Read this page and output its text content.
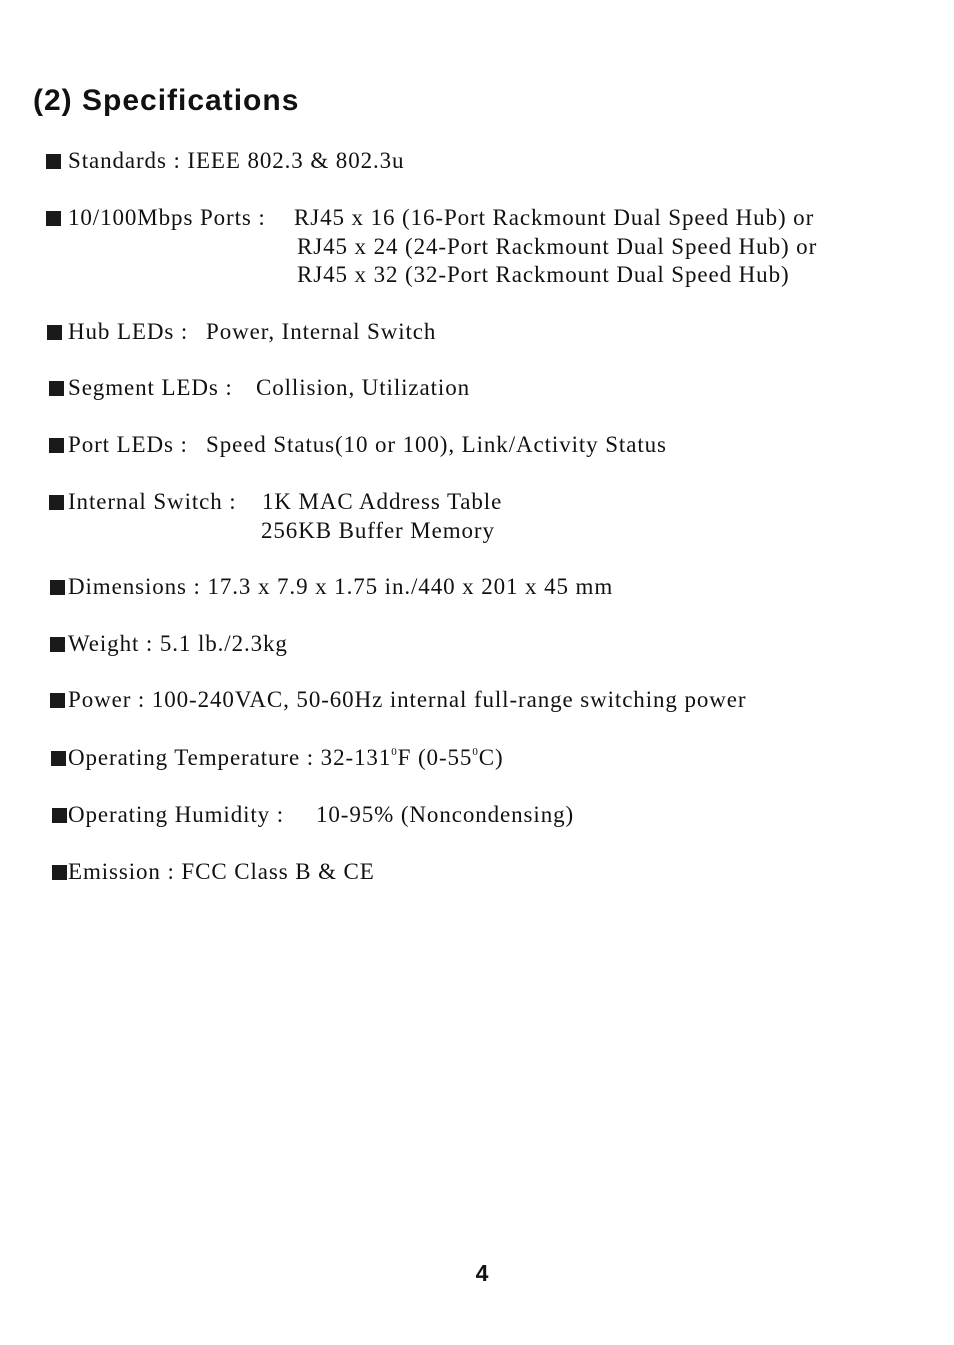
(2) Specifications
Standards : IEEE 802.3 & 802.3u
10/100Mbps Ports : RJ45 x 16 (16-Port Rackmount Dual Speed Hub) or
RJ45 x 24 (24-Port Rackmount Dual Speed Hub) or
RJ45 x 32 (32-Port Rackmount Dual Speed Hub)
Hub LEDs : Power, Internal Switch
Segment LEDs : Collision, Utilization
Port LEDs : Speed Status(10 or 100), Link/Activity Status
Internal Switch : 1K MAC Address Table
256KB Buffer Memory
Dimensions : 17.3 x 7.9 x 1.75 in./440 x 201 x 45 mm
Weight : 5.1 lb./2.3kg
Power : 100-240VAC, 50-60Hz internal full-range switching power
Operating Temperature : $32-131^0F$ $(0-55^0C)$
Operating Humidity : 10-95% (Noncondensing)
Emission : FCC Class B & CE
4
